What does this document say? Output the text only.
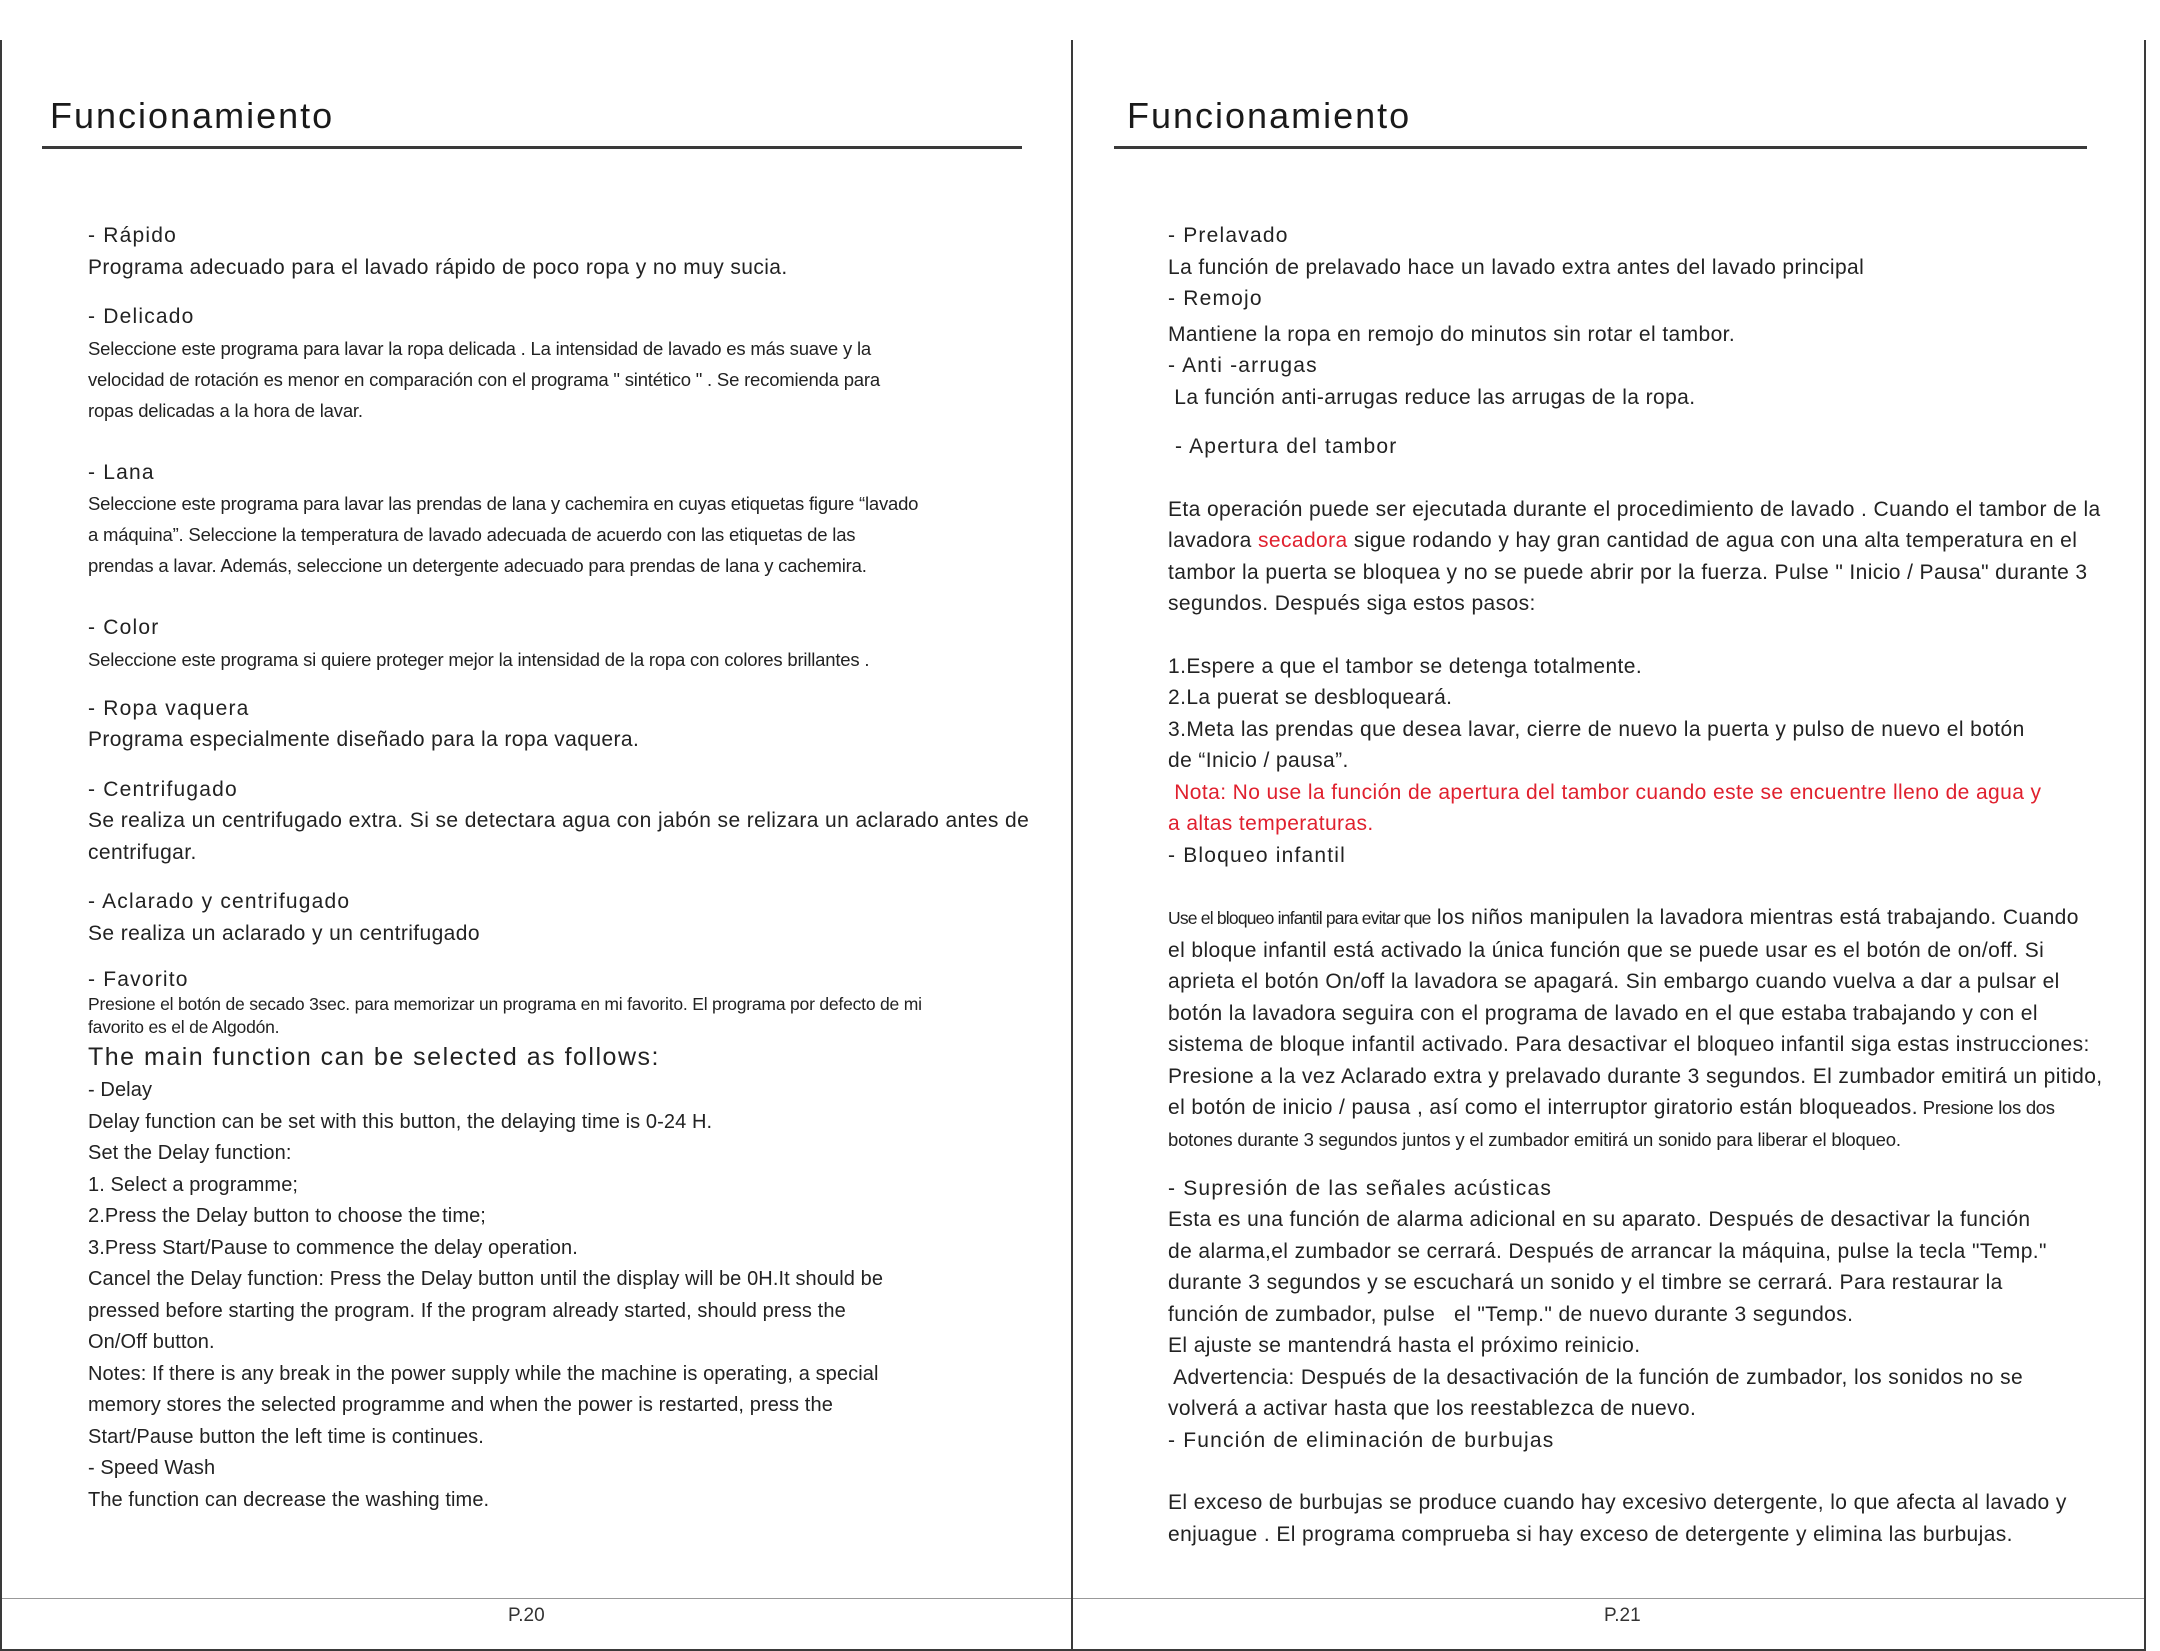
Funcionamiento

- Rápido

Programa adecuado para el lavado rápido de poco ropa y no muy sucia.

- Delicado

Seleccione este programa para lavar la ropa delicada . La intensidad de lavado es más suave y la

velocidad de rotación es menor en comparación con el programa " sintético " . Se recomienda para

ropas delicadas a la hora de lavar.

- Lana

Seleccione este programa para lavar las prendas de lana y cachemira en cuyas etiquetas figure “lavado

a máquina”. Seleccione la temperatura de lavado adecuada de acuerdo con las etiquetas de las

prendas a lavar. Además, seleccione un detergente adecuado para prendas de lana y cachemira.

- Color

Seleccione este programa si quiere proteger mejor la intensidad de la ropa con colores brillantes .

- Ropa vaquera

Programa especialmente diseñado para la ropa vaquera.

- Centrifugado

Se realiza un centrifugado extra. Si se detectara agua con jabón se relizara un aclarado antes de

centrifugar.

- Aclarado y centrifugado

Se realiza un aclarado y un centrifugado

- Favorito

Presione el botón de secado 3sec. para memorizar un programa en mi favorito. El programa por defecto de mi

favorito es el de Algodón.

The main function can be selected as follows:

- Delay

Delay function can be set with this button, the delaying time is 0-24 H.

Set the Delay function:

1. Select a programme;

2.Press the Delay button to choose the time;

3.Press Start/Pause to commence the delay operation.

Cancel the Delay function: Press the Delay button until the display will be 0H.It should be

pressed before starting the program. If the program already started, should press the

On/Off button.

Notes: If there is any break in the power supply while the machine is operating, a special

memory stores the selected programme and when the power is restarted, press the

Start/Pause button the left time is continues.

- Speed Wash

The function can decrease the washing time.

P.20
Funcionamiento

- Prelavado

La función de prelavado hace un lavado extra antes del lavado principal

- Remojo

Mantiene la ropa en remojo do minutos sin rotar el tambor.

- Anti -arrugas

La función anti-arrugas reduce las arrugas de la ropa.

- Apertura del tambor

Eta operación puede ser ejecutada durante el procedimiento de lavado . Cuando el tambor de la

lavadora secadora sigue rodando y hay gran cantidad de agua con una alta temperatura en el

tambor la puerta se bloquea y no se puede abrir por la fuerza. Pulse " Inicio / Pausa" durante 3

segundos. Después siga estos pasos:

1.Espere a que el tambor se detenga totalmente.

2.La puerat se desbloqueará.

3.Meta las prendas que desea lavar, cierre de nuevo la puerta y pulso de nuevo el botón

de “Inicio / pausa”.

Nota: No use la función de apertura del tambor cuando este se encuentre lleno de agua y

a altas temperaturas.

- Bloqueo infantil

Use el bloqueo infantil para evitar que los niños manipulen la lavadora mientras está trabajando. Cuando

el bloque infantil está activado la única función que se puede usar es el botón de on/off. Si

aprieta el botón On/off la lavadora se apagará. Sin embargo cuando vuelva a dar a pulsar el

botón la lavadora seguira con el programa de lavado en el que estaba trabajando y con el

sistema de bloque infantil activado. Para desactivar el bloqueo infantil siga estas instrucciones:

Presione a la vez Aclarado extra y prelavado durante 3 segundos. El zumbador emitirá un pitido,

el botón de inicio / pausa , así como el interruptor giratorio están bloqueados. Presione los dos

botones durante 3 segundos juntos y el zumbador emitirá un sonido para liberar el bloqueo.

- Supresión de las señales acústicas

Esta es una función de alarma adicional en su aparato. Después de desactivar la función

de alarma,el zumbador se cerrará. Después de arrancar la máquina, pulse la tecla "Temp."

durante 3 segundos y se escuchará un sonido y el timbre se cerrará. Para restaurar la

función de zumbador, pulse   el "Temp." de nuevo durante 3 segundos.

El ajuste se mantendrá hasta el próximo reinicio.

Advertencia: Después de la desactivación de la función de zumbador, los sonidos no se

volverá a activar hasta que los reestablezca de nuevo.

- Función de eliminación de burbujas

El exceso de burbujas se produce cuando hay excesivo detergente, lo que afecta al lavado y

enjuague . El programa comprueba si hay exceso de detergente y elimina las burbujas.

P.21
